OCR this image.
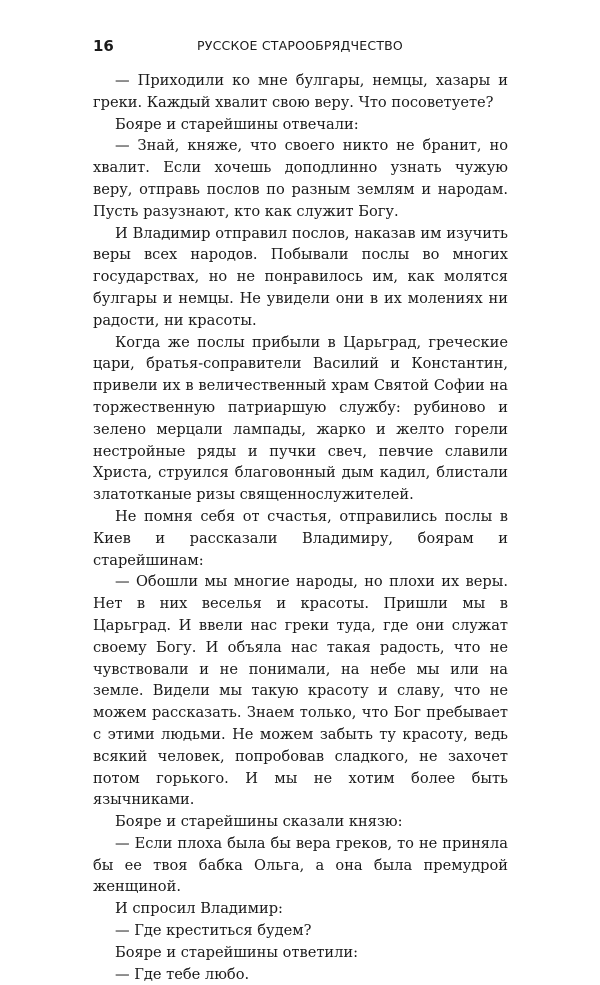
16	РУССКОЕ СТАРООБРЯДЧЕСТВО

— Приходили ко мне булгары, немцы, хазары и греки. Каждый хвалит свою веру. Что посоветуете?

Бояре и старейшины отвечали:

— Знай, княже, что своего никто не бранит, но хвалит. Если хочешь доподлинно узнать чужую веру, отправь послов по разным землям и народам. Пусть разузнают, кто как служит Богу.

И Владимир отправил послов, наказав им изучить веры всех народов. Побывали послы во многих государствах, но не понравилось им, как молятся булгары и немцы. Не увидели они в их молениях ни радости, ни красоты.

Когда же послы прибыли в Царьград, греческие цари, братья-соправители Василий и Константин, привели их в величественный храм Святой Софии на торжественную патриаршую службу: рубиново и зелено мерцали лампады, жарко и желто горели нестройные ряды и пучки свеч, певчие славили Христа, струился благовонный дым кадил, блистали златотканые ризы священнослужителей.

Не помня себя от счастья, отправились послы в Киев и рассказали Владимиру, боярам и старейшинам:

— Обошли мы многие народы, но плохи их веры. Нет в них веселья и красоты. Пришли мы в Царьград. И ввели нас греки туда, где они служат своему Богу. И объяла нас такая радость, что не чувствовали и не понимали, на небе мы или на земле. Видели мы такую красоту и славу, что не можем рассказать. Знаем только, что Бог пребывает с этими людьми. Не можем забыть ту красоту, ведь всякий человек, попробовав сладкого, не захочет потом горького. И мы не хотим более быть язычниками.

Бояре и старейшины сказали князю:

— Если плоха была бы вера греков, то не приняла бы ее твоя бабка Ольга, а она была премудрой женщиной.

И спросил Владимир:

— Где креститься будем?

Бояре и старейшины ответили:

— Где тебе любо.
